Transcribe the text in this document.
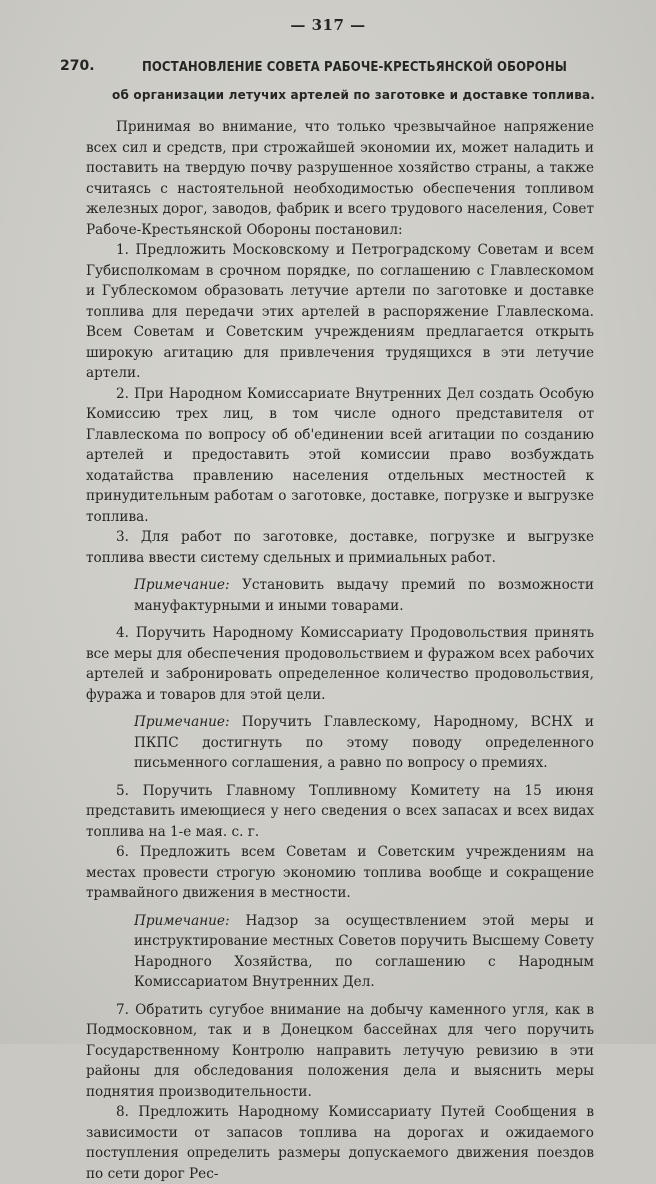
— 317 —
270.	ПОСТАНОВЛЕНИЕ СОВЕТА РАБОЧЕ-КРЕСТЬЯНСКОЙ ОБОРОНЫ
об организации летучих артелей по заготовке и доставке топлива.

Принимая во внимание, что только чрезвычайное напряжение всех сил и средств, при строжайшей экономии их, может наладить и поставить на твердую почву разрушенное хозяйство страны, а также считаясь с настоятельной необходимостью обеспечения топливом железных дорог, заводов, фабрик и всего трудового населения, Совет Рабоче-Крестьянской Обороны постановил:

1. Предложить Московскому и Петроградскому Советам и всем Губисполкомам в срочном порядке, по соглашению с Главлескомом и Гублескомом образовать летучие артели по заготовке и доставке топлива для передачи этих артелей в распоряжение Главлескома. Всем Советам и Советским учреждениям предлагается открыть широкую агитацию для привлечения трудящихся в эти летучие артели.

2. При Народном Комиссариате Внутренних Дел создать Особую Комиссию трех лиц, в том числе одного представителя от Главлескома по вопросу об об'единении всей агитации по созданию артелей и предоставить этой комиссии право возбуждать ходатайства правлению населения отдельных местностей к принудительным работам о заготовке, доставке, погрузке и выгрузке топлива.

3. Для работ по заготовке, доставке, погрузке и выгрузке топлива ввести систему сдельных и примиальных работ.

Примечание: Установить выдачу премий по возможности мануфактурными и иными товарами.

4. Поручить Народному Комиссариату Продовольствия принять все меры для обеспечения продовольствием и фуражом всех рабочих артелей и забронировать определенное количество продовольствия, фуража и товаров для этой цели.

Примечание: Поручить Главлескому, Народному, ВСНХ и ПКПС достигнуть по этому поводу определенного письменного соглашения, а равно по вопросу о премиях.

5. Поручить Главному Топливному Комитету на 15 июня представить имеющиеся у него сведения о всех запасах и всех видах топлива на 1-е мая. с. г.

6. Предложить всем Советам и Советским учреждениям на местах провести строгую экономию топлива вообще и сокращение трамвайного движения в местности.

Примечание: Надзор за осуществлением этой меры и инструктирование местных Советов поручить Высшему Совету Народного Хозяйства, по соглашению с Народным Комиссариатом Внутренних Дел.

7. Обратить сугубое внимание на добычу каменного угля, как в Подмосковном, так и в Донецком бассейнах для чего поручить Государственному Контролю направить летучую ревизию в эти районы для обследования положения дела и выяснить меры поднятия производительности.

8. Предложить Народному Комиссариату Путей Сообщения в зависимости от запасов топлива на дорогах и ожидаемого поступления определить размеры допускаемого движения поездов по сети дорог Рес-
